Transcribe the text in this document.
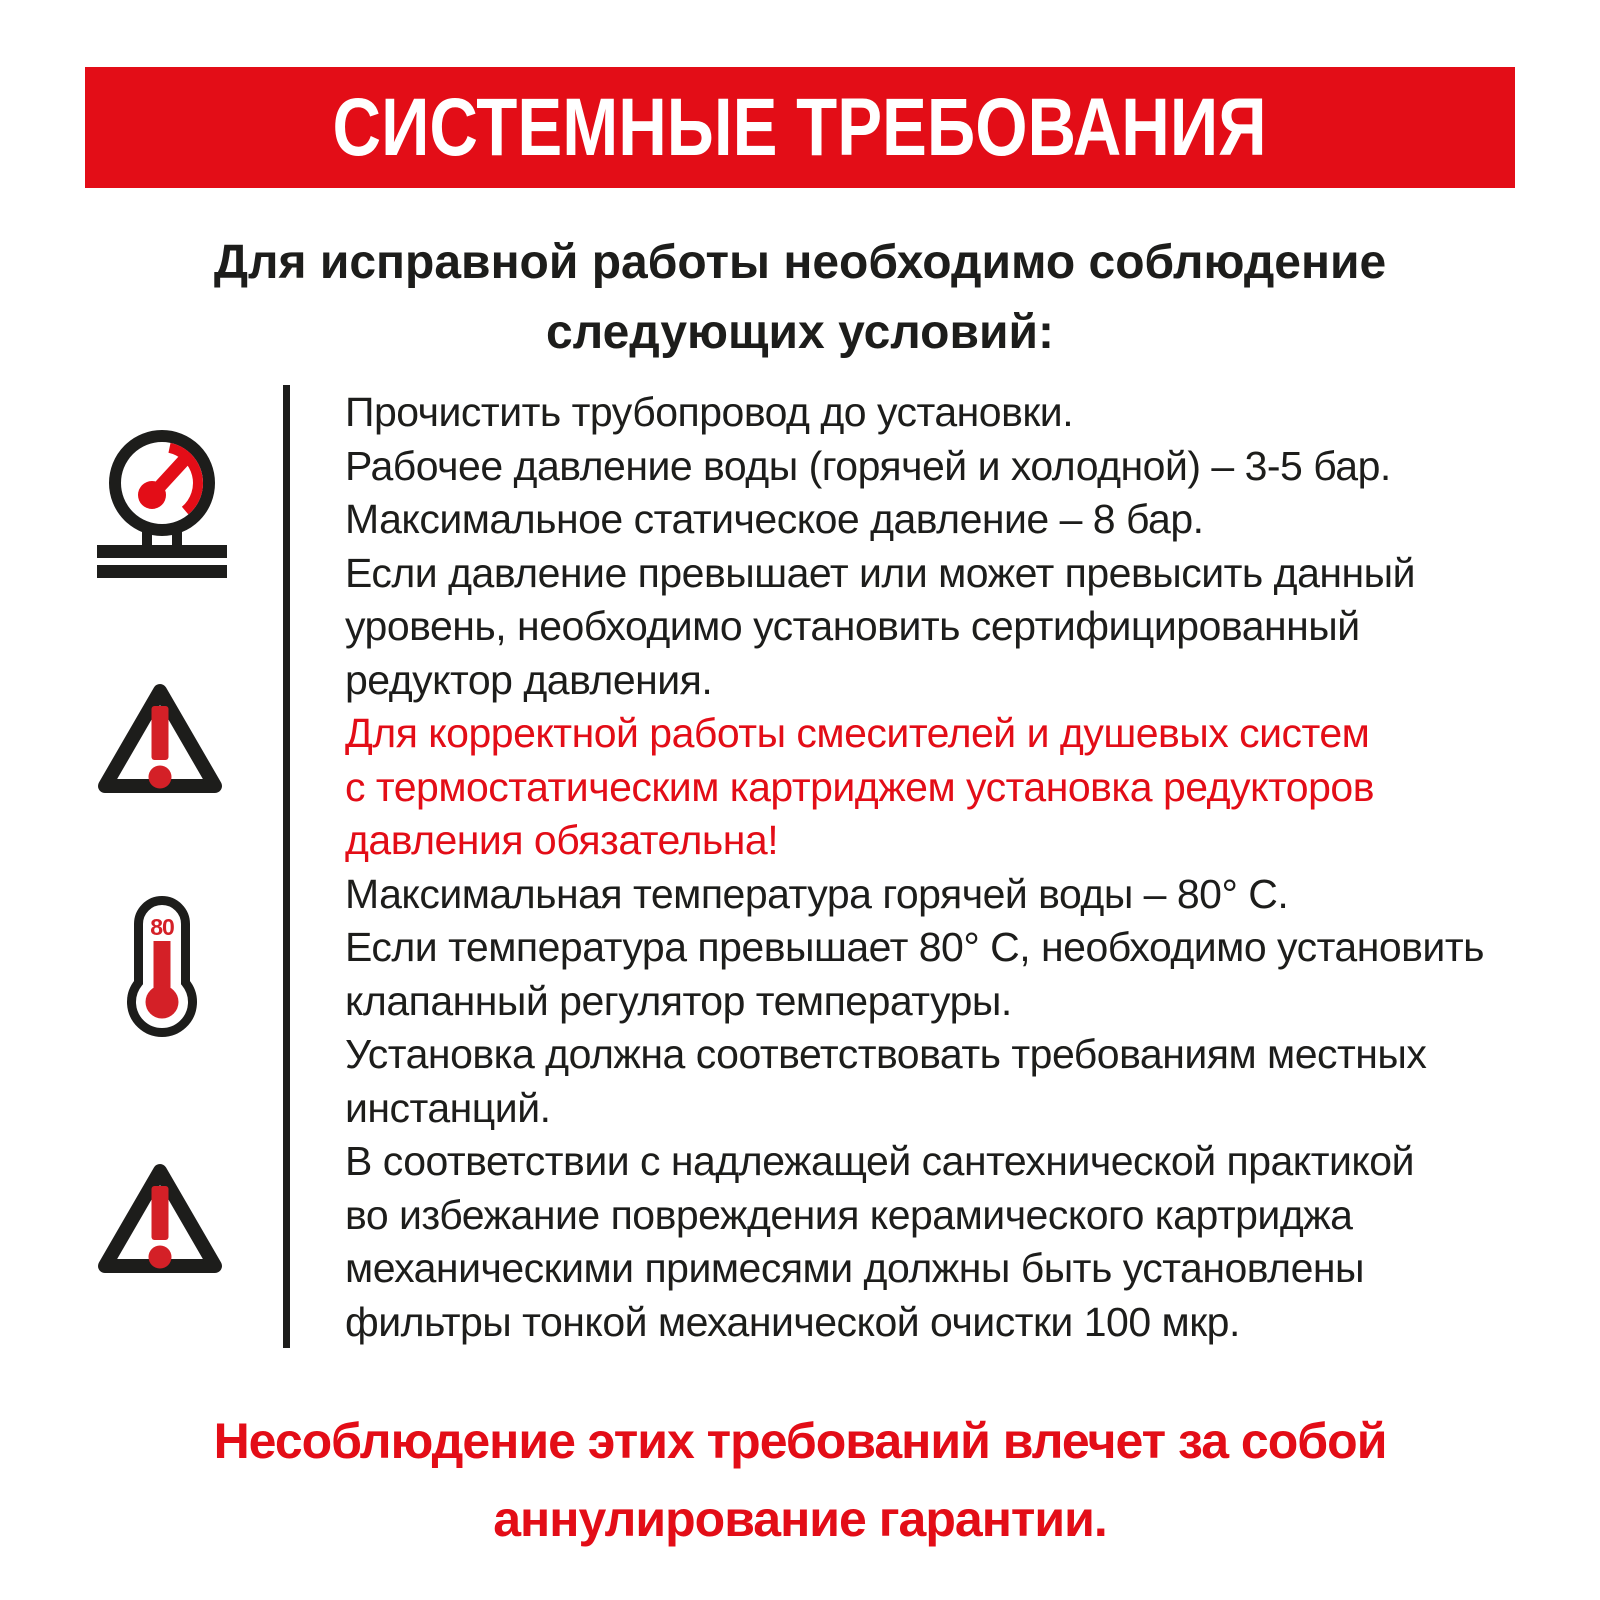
СИСТЕМНЫЕ ТРЕБОВАНИЯ
Для исправной работы необходимо соблюдение следующих условий:
80
Прочистить трубопровод до установки.
Рабочее давление воды (горячей и холодной) – 3-5 бар.
Максимальное статическое давление – 8 бар.
Если давление превышает или может превысить данный
уровень, необходимо установить сертифицированный
редуктор давления.
Для корректной работы смесителей и душевых систем
с термостатическим картриджем установка редукторов
давления обязательна!
Максимальная температура горячей воды – 80° C.
Если температура превышает 80° C, необходимо установить
клапанный регулятор температуры.
Установка должна соответствовать требованиям местных
инстанций.
В соответствии с надлежащей сантехнической практикой
во избежание повреждения керамического картриджа
механическими примесями должны быть установлены
фильтры тонкой механической очистки 100 мкр.
Несоблюдение этих требований влечет за собой аннулирование гарантии.
